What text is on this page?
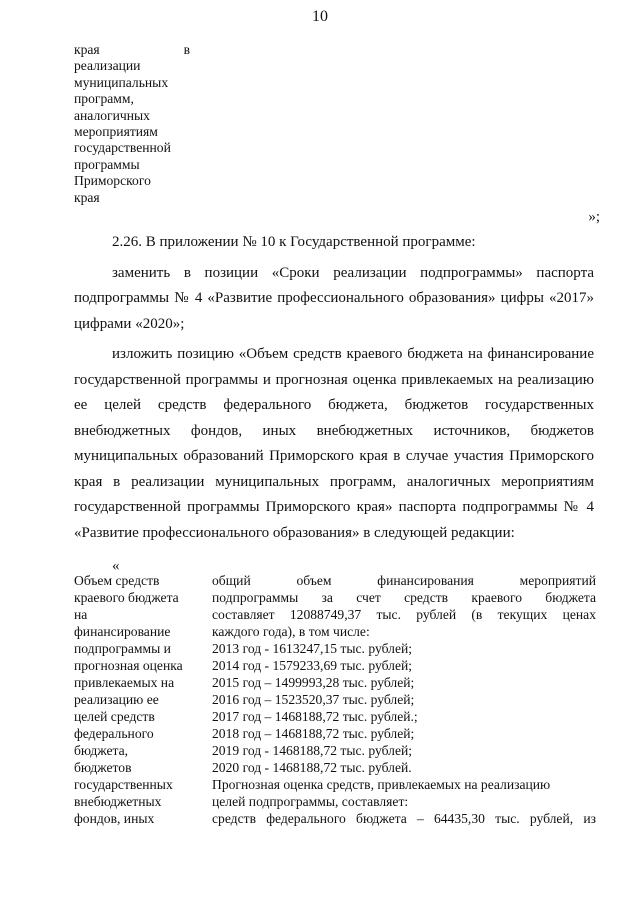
10
края	в
реализации
муниципальных
программ,
аналогичных
мероприятиям
государственной
программы
Приморского
края
»;

2.26. В приложении № 10 к Государственной программе:

заменить в позиции «Сроки реализации подпрограммы» паспорта
подпрограммы № 4 «Развитие профессионального образования» цифры «2017»
цифрами «2020»;
изложить позицию «Объем средств краевого бюджета на финансирование
государственной программы и прогнозная оценка привлекаемых на реализацию
ее целей средств федерального бюджета, бюджетов государственных
внебюджетных фондов, иных внебюджетных источников, бюджетов
муниципальных образований Приморского края в случае участия Приморского
края в реализации муниципальных программ, аналогичных мероприятиям
государственной программы Приморского края» паспорта подпрограммы № 4
«Развитие профессионального образования» в следующей редакции:
«
Объем средств
краевого бюджета
на
финансирование
подпрограммы и
прогнозная оценка
привлекаемых на
реализацию ее
целей средств
федерального
бюджета,
бюджетов
государственных
внебюджетных
фондов, иных
общий объем финансирования мероприятий
подпрограммы за счет средств краевого бюджета
составляет 12088749,37 тыс. рублей (в текущих ценах
каждого года), в том числе:
2013 год - 1613247,15 тыс. рублей;
2014 год - 1579233,69 тыс. рублей;
2015 год – 1499993,28 тыс. рублей;
2016 год – 1523520,37 тыс. рублей;
2017 год – 1468188,72 тыс. рублей.;
2018 год – 1468188,72 тыс. рублей;
2019 год - 1468188,72 тыс. рублей;
2020 год - 1468188,72 тыс. рублей.
Прогнозная оценка средств, привлекаемых на реализацию
целей подпрограммы, составляет:
средств федерального бюджета – 64435,30 тыс. рублей, из
